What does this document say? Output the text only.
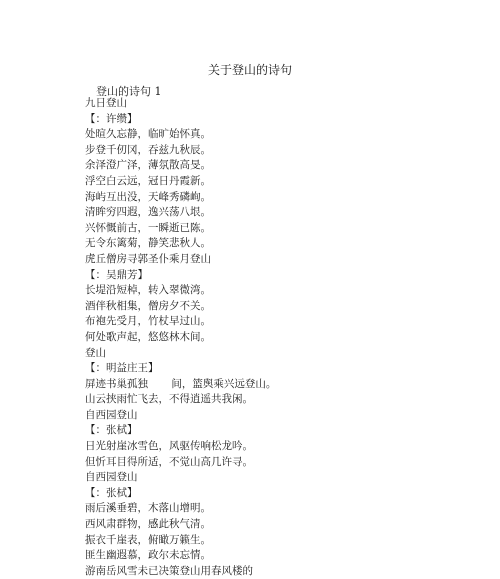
关于登山的诗句
登山的诗句 1
九日登山
【：许缵】
处暄久忘静，临旷始怀真。
步登千仞冈，吞兹九秋辰。
余泽澄广泽，薄氛散高旻。
浮空白云远，冠日丹霞新。
海屿互出没，天峰秀磷峋。
清眸穷四遐，逸兴荡八垠。
兴怀慨前古，一瞬逝已陈。
无令东篱菊，静笑悲秋人。
虎丘僧房寻郭圣仆乘月登山
【：吴鼎芳】
长堤沿短棹，转入翠微湾。
酒伴秋相集，僧房夕不关。
布袍先受月，竹杖早过山。
何处歌声起，悠悠林木间。
登山
【：明益庄王】
屏迹书巢孤独       间，篮舆乘兴远登山。
山云挟雨忙飞去，不得逍遥共我闲。
自西园登山
【：张栻】
日光射崖冰雪色，风驱传响松龙吟。
但忻耳目得所适，不觉山高几许寻。
自西园登山
【：张栻】
雨后溪垂碧，木落山增明。
西风肃群物，感此秋气清。
振衣千崖表，俯瞰万籁生。
匪生幽遐慕，政尔未忘情。
游南岳风雪未已决策登山用春风楼的
